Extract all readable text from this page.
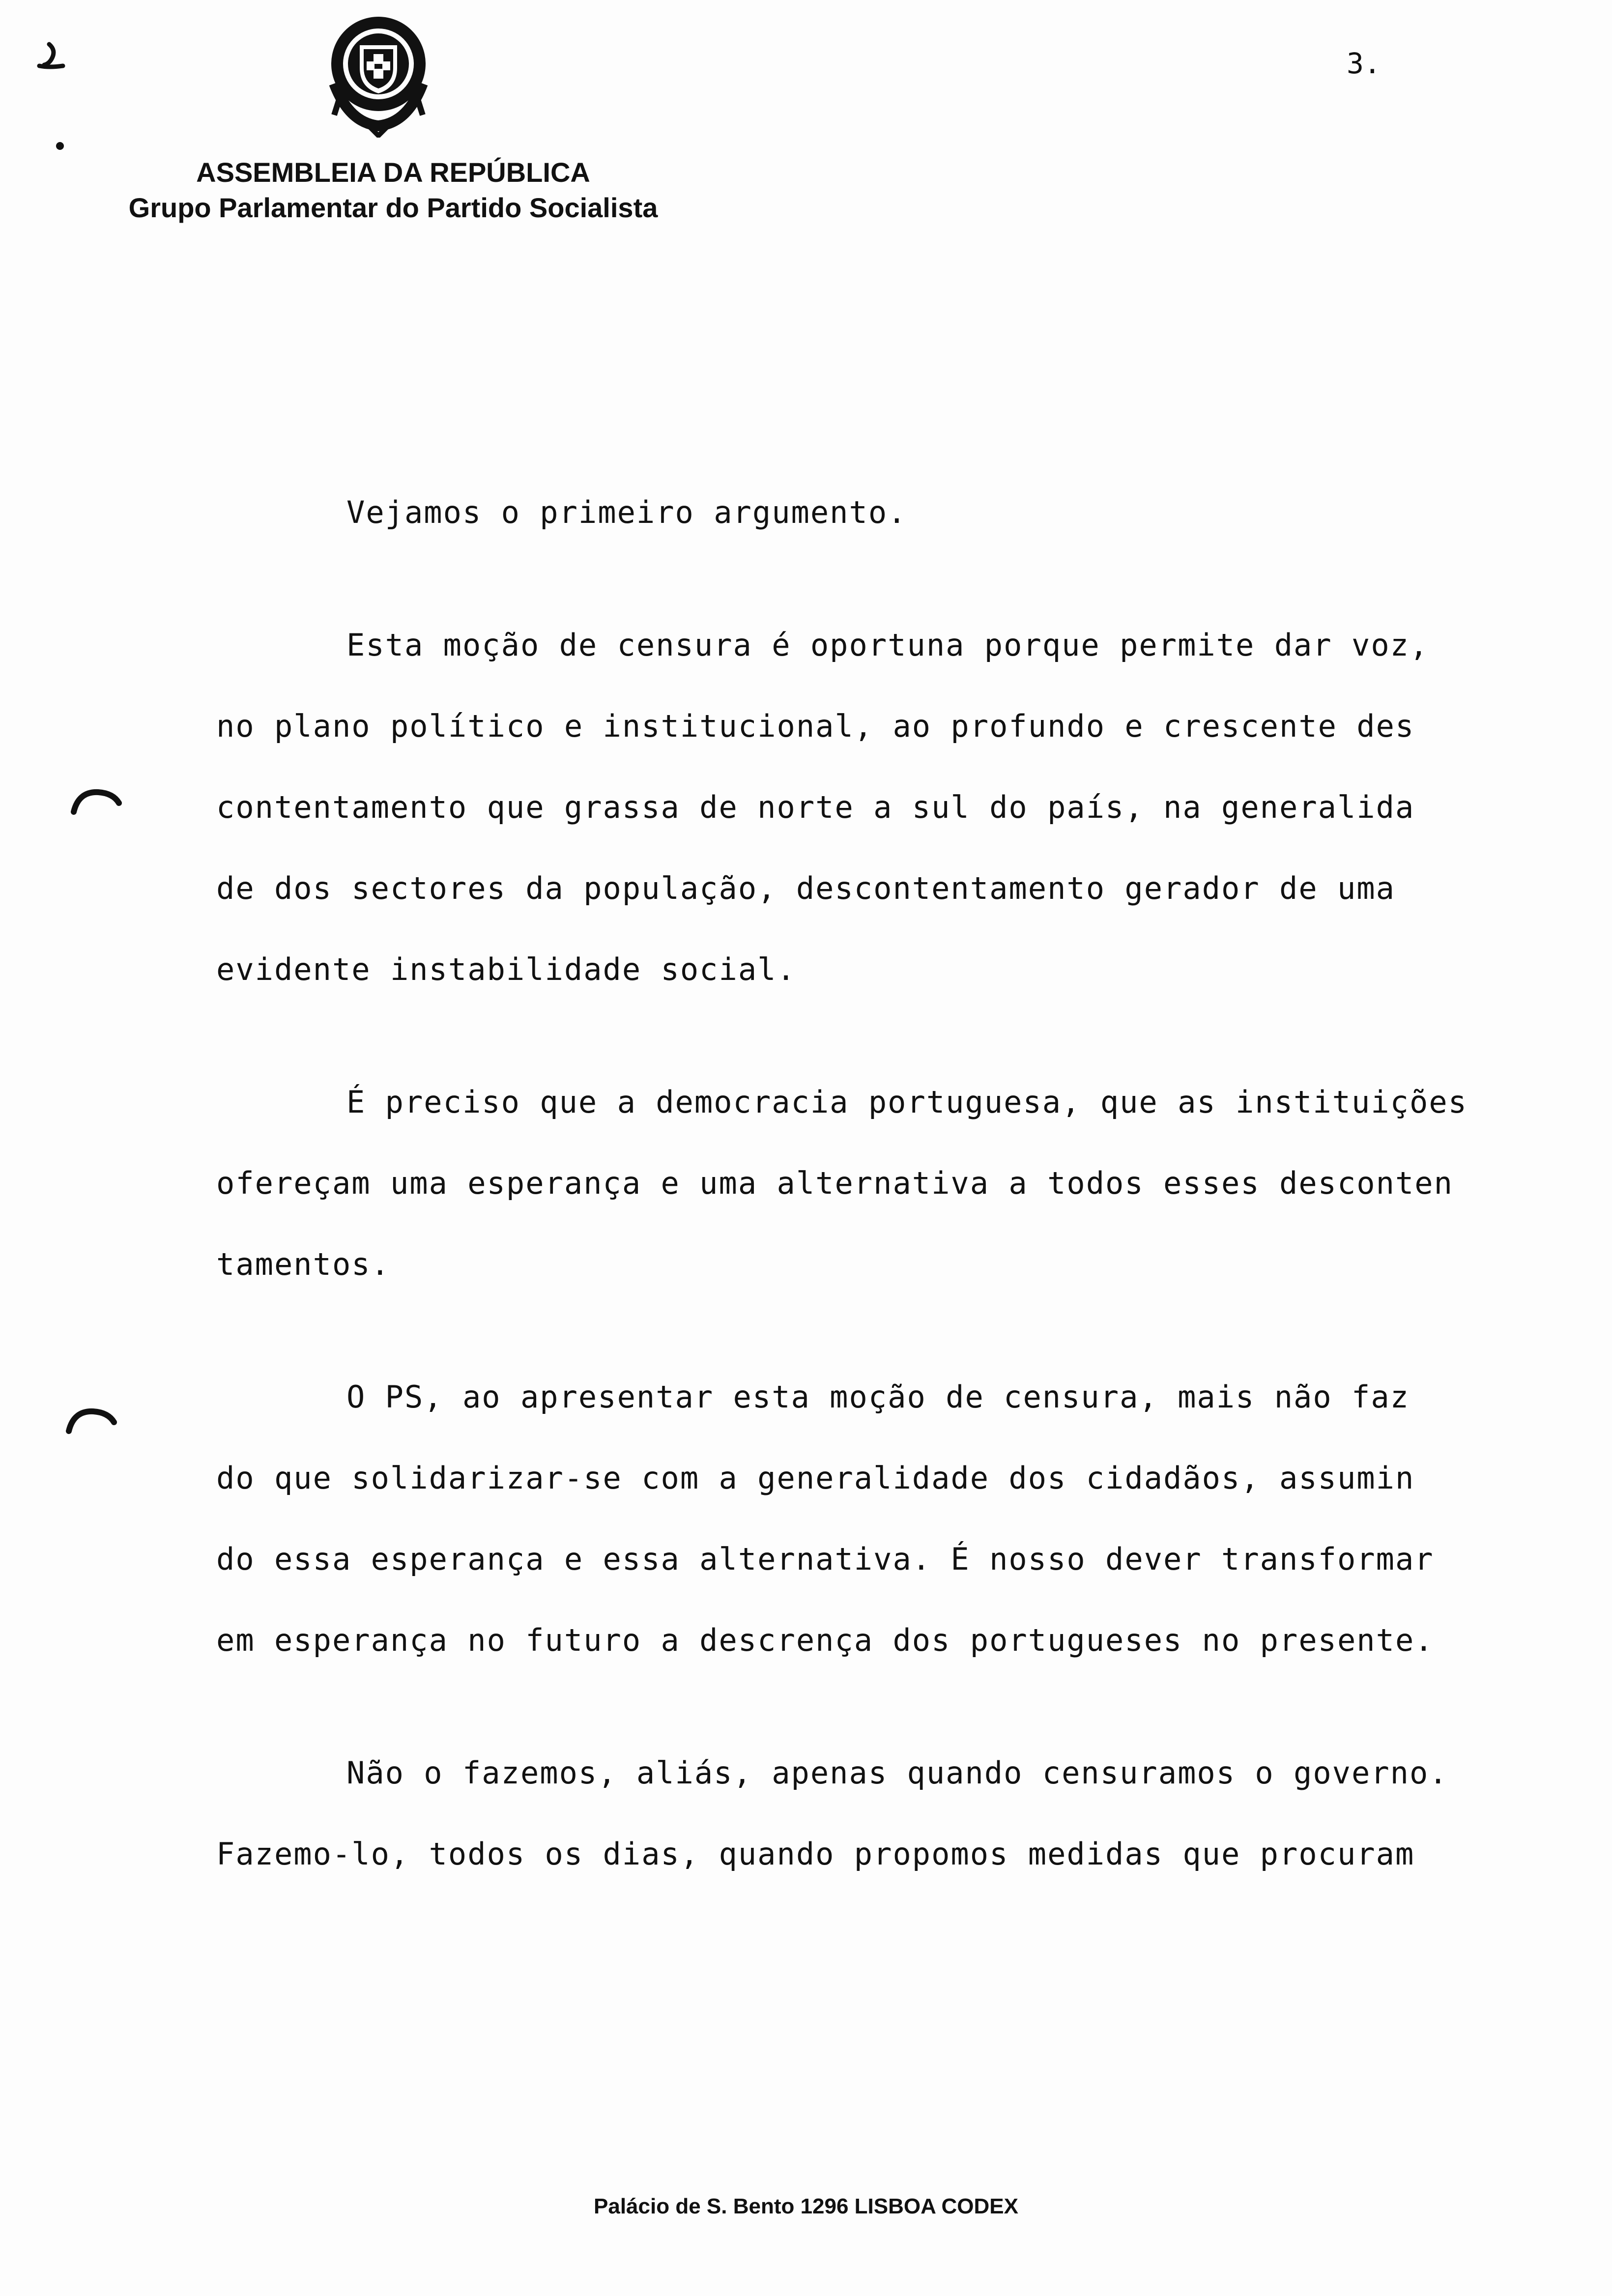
ASSEMBLEIA DA REPÚBLICA
Grupo Parlamentar do Partido Socialista
3.

Vejamos o primeiro argumento.

Esta moção de censura é oportuna porque permite dar voz,
no plano político e institucional, ao profundo e crescente des
contentamento que grassa de norte a sul do país, na generalida
de dos sectores da população, descontentamento gerador de uma
evidente instabilidade social.

É preciso que a democracia portuguesa, que as instituições
ofereçam uma esperança e uma alternativa a todos esses desconten
tamentos.

O PS, ao apresentar esta moção de censura, mais não faz
do que solidarizar-se com a generalidade dos cidadãos, assumin
do essa esperança e essa alternativa. É nosso dever transformar
em esperança no futuro a descrença dos portugueses no presente.

Não o fazemos, aliás, apenas quando censuramos o governo.
Fazemo-lo, todos os dias, quando propomos medidas que procuram

Palácio de S. Bento 1296 LISBOA CODEX
